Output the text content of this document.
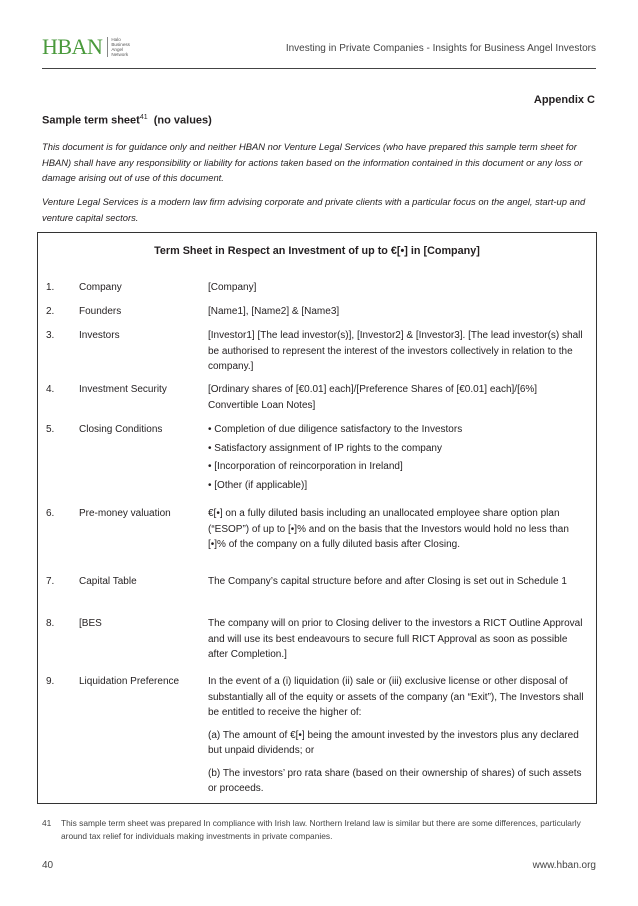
HBAN Halo
Business
Angel
Network
Investing in Private Companies - Insights for Business Angel Investors
Appendix C
Sample term sheet$^{41}$ (no values)
This document is for guidance only and neither HBAN nor Venture Legal Services (who have prepared this sample term sheet for HBAN) shall have any responsibility or liability for actions taken based on the information contained in this document or any loss or damage arising out of use of this document.
Venture Legal Services is a modern law firm advising corporate and private clients with a particular focus on the angel, start-up and venture capital sectors.
Term Sheet in Respect an Investment of up to €[•] in [Company]
1. Company	[Company]
2. Founders	[Name1], [Name2] & [Name3]
3. Investors	[Investor1] [The lead investor(s)], [Investor2] & [Investor3]. [The lead investor(s) shall be authorised to represent the interest of the investors collectively in relation to the company.]
4. Investment Security	[Ordinary shares of [€0.01] each]/[Preference Shares of [€0.01] each]/[6%] Convertible Loan Notes]
5. Closing Conditions
•	Completion of due diligence satisfactory to the Investors
• Satisfactory assignment of IP rights to the company
• [Incorporation of reincorporation in Ireland]
• [Other (if applicable)]
6. Pre-money valuation	€[•] on a fully diluted basis including an unallocated employee share option plan (“ESOP”) of up to [•]% and on the basis that the Investors would hold no less than [•]% of the company on a fully diluted basis after Closing.
7. Capital Table	The Company’s capital structure before and after Closing is set out in Schedule 1
8. [BES	The company will on prior to Closing deliver to the investors a RICT Outline Approval and will use its best endeavours to secure full RICT Approval as soon as possible after Completion.]
9. Liquidation Preference	In the event of a (i) liquidation (ii) sale or (iii) exclusive license or other disposal of substantially all of the equity or assets of the company (an “Exit”), The Investors shall be entitled to receive the higher of:

(a) The amount of €[•] being the amount invested by the investors plus any declared but unpaid dividends; or

(b) The investors’ pro rata share (based on their ownership of shares) of such assets or proceeds.

41	This sample term sheet was prepared In compliance with Irish law. Northern Ireland law is similar but there are some differences, particularly around tax relief for individuals making investments in private companies.
40	www.hban.org
